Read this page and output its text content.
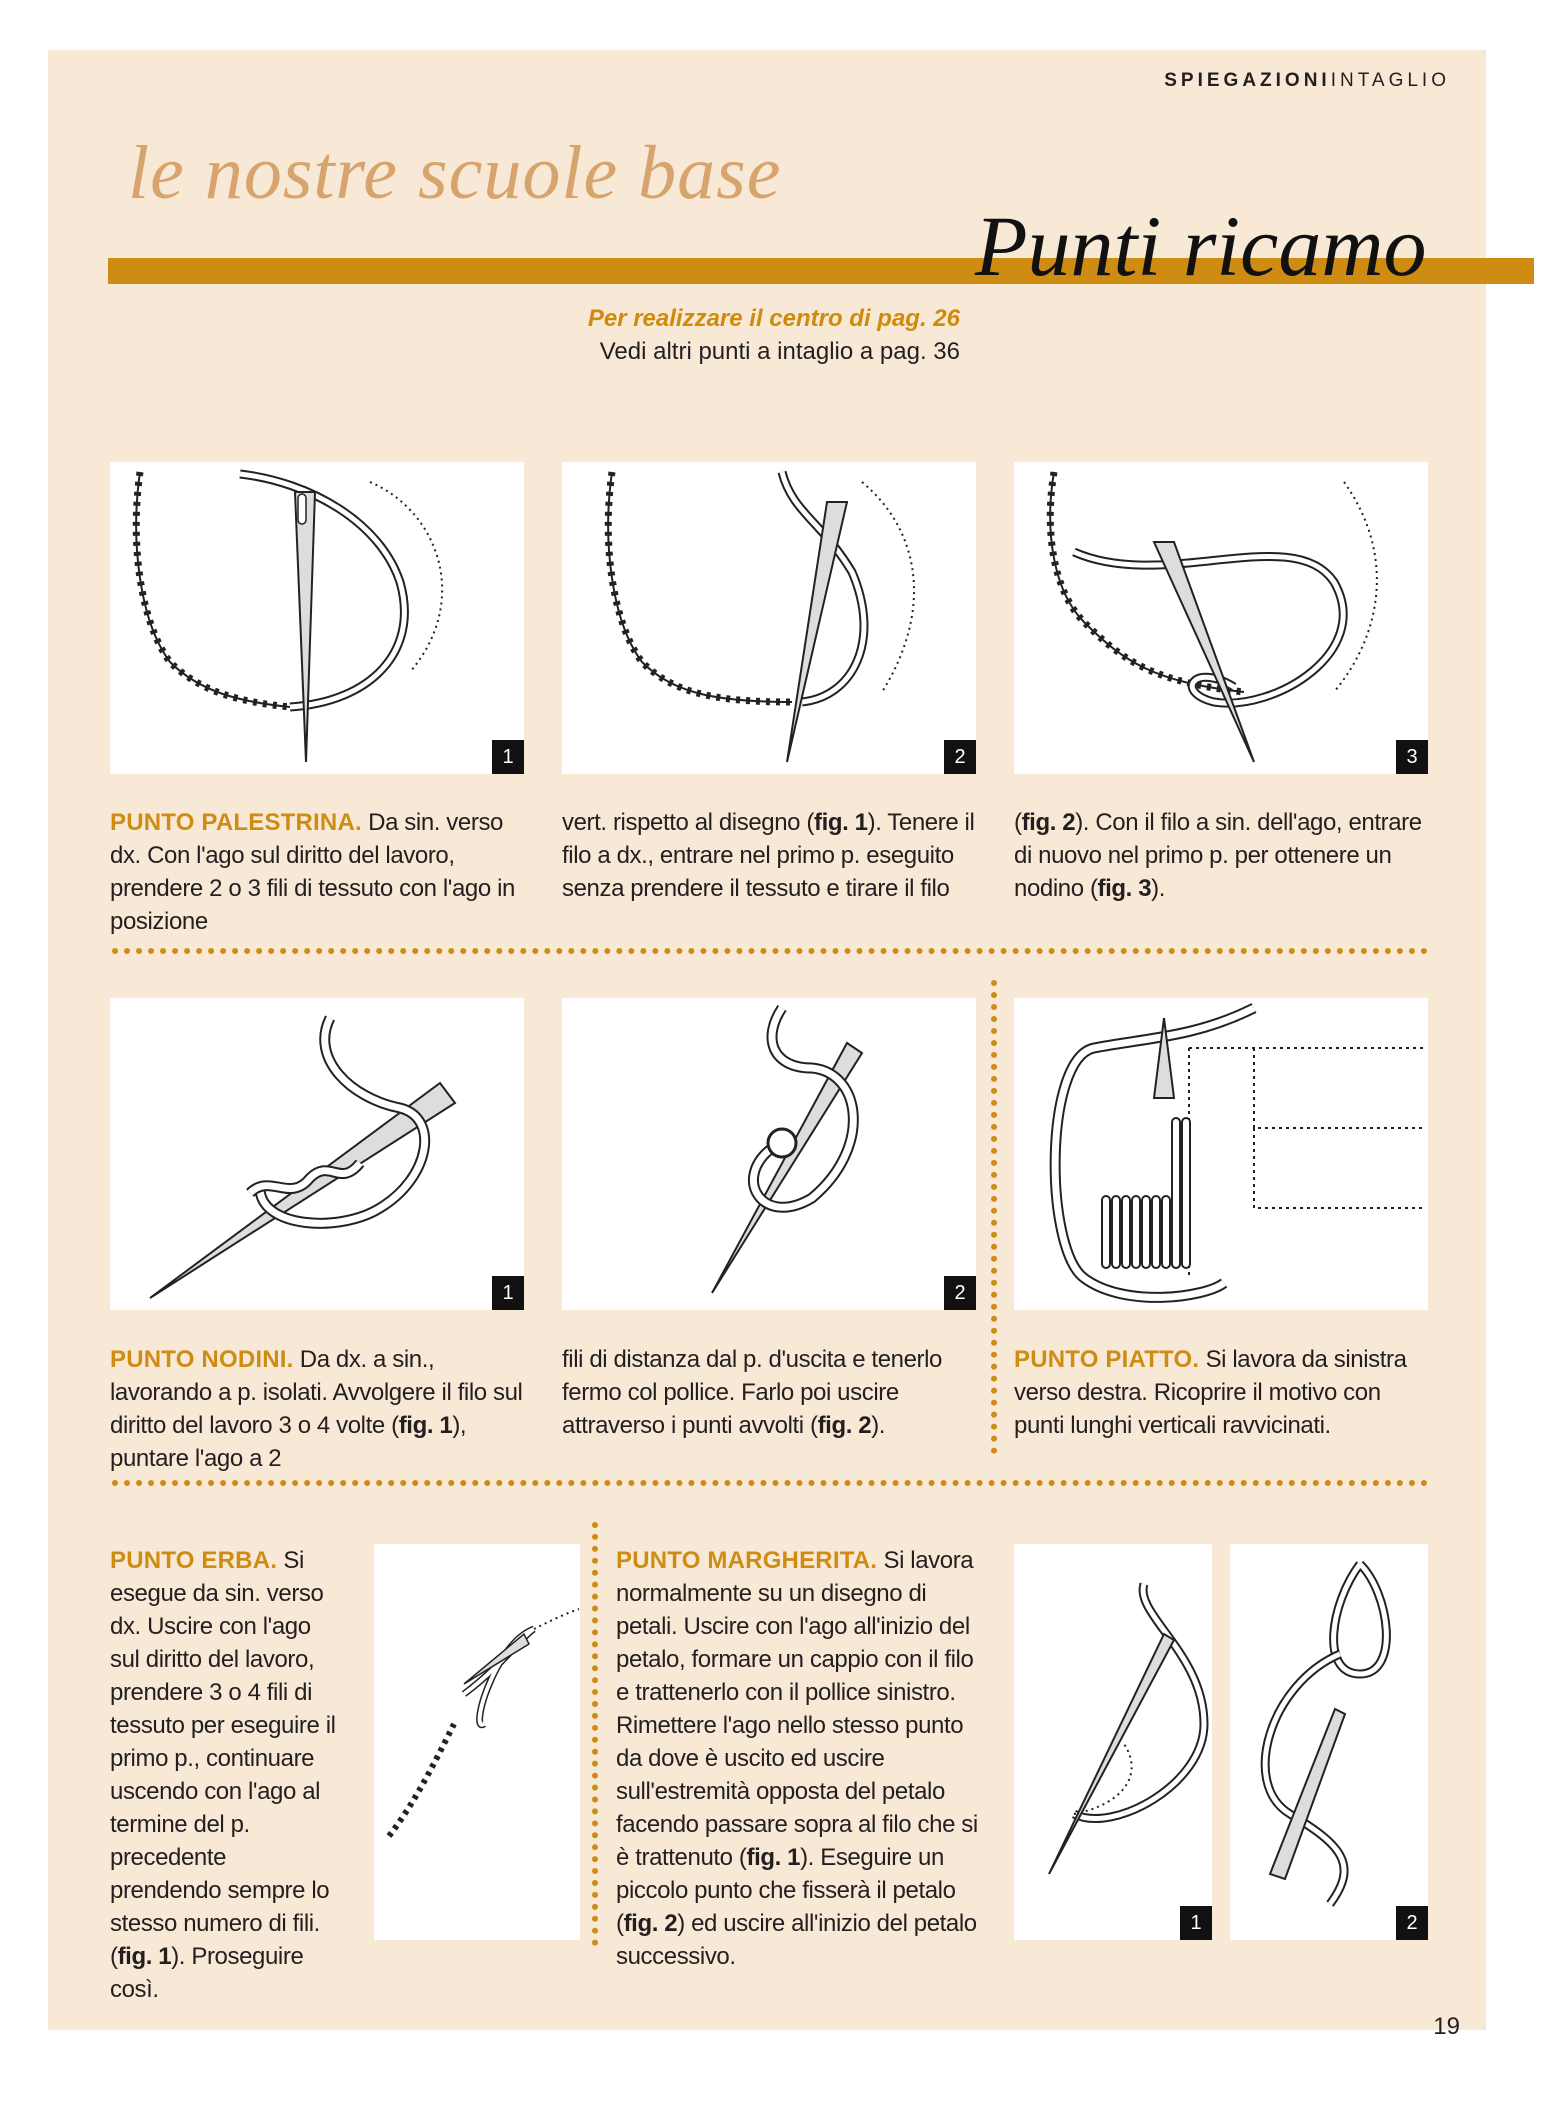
SPIEGAZIONIINTAGLIO
le nostre scuole base
Punti ricamo
Per realizzare il centro di pag. 26
Vedi altri punti a intaglio a pag. 36
1	2	3
PUNTO PALESTRINA. Da sin. verso dx. Con l'ago sul diritto del lavoro, prendere 2 o 3 fili di tessuto con l'ago in posizione
vert. rispetto al disegno (fig. 1). Tenere il filo a dx., entrare nel primo p. eseguito senza prendere il tessuto e tirare il filo
(fig. 2). Con il filo a sin. dell'ago, entrare di nuovo nel primo p. per ottenere un nodino (fig. 3).
1	2
PUNTO NODINI. Da dx. a sin., lavorando a p. isolati. Avvolgere il filo sul diritto del lavoro 3 o 4 volte (fig. 1), puntare l'ago a 2
fili di distanza dal p. d'uscita e tenerlo fermo col pollice. Farlo poi uscire attraverso i punti avvolti (fig. 2).
PUNTO PIATTO. Si lavora da sinistra verso destra. Ricoprire il motivo con punti lunghi verticali ravvicinati.
PUNTO ERBA. Si esegue da sin. verso dx. Uscire con l'ago sul diritto del lavoro, prendere 3 o 4 fili di tessuto per eseguire il primo p., continuare uscendo con l'ago al termine del p. precedente prendendo sempre lo stesso numero di fili. (fig. 1). Proseguire così.
PUNTO MARGHERITA. Si lavora normalmente su un disegno di petali. Uscire con l'ago all'inizio del petalo, formare un cappio con il filo e trattenerlo con il pollice sinistro. Rimettere l'ago nello stesso punto da dove è uscito ed uscire sull'estremità opposta del petalo facendo passare sopra al filo che si è trattenuto (fig. 1). Eseguire un piccolo punto che fisserà il petalo (fig. 2) ed uscire all'inizio del petalo successivo.
1	2
19
